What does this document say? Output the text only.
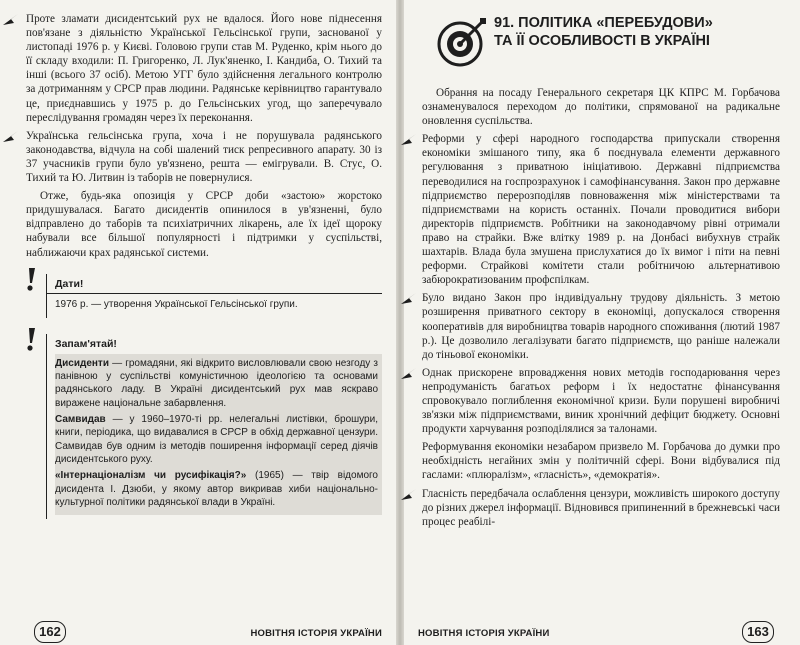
Проте зламати дисидентський рух не вдалося. Його нове піднесення пов'язане з діяльністю Української Гельсінської групи, заснованої у листопаді 1976 р. у Києві. Головою групи став М. Руденко, крім нього до її складу входили: П. Григоренко, Л. Лук'яненко, І. Кандиба, О. Тихий та інші (всього 37 осіб). Метою УГГ було здійснення легального контролю за дотриманням у СРСР прав людини. Радянське керівництво гарантувало це, приєднавшись у 1975 р. до Гельсінських угод, що заперечувало переслідування громадян через їх переконання.

Українська гельсінська група, хоча і не порушувала радянського законодавства, відчула на собі шалений тиск репресивного апарату. 30 із 37 учасників групи було ув'язнено, решта — емігрували. В. Стус, О. Тихий та Ю. Литвин із таборів не повернулися.

Отже, будь-яка опозиція у СРСР доби «застою» жорстоко придушувалася. Багато дисидентів опинилося в ув'язненні, було відправлено до таборів та психіатричних лікарень, але їх ідеї щороку набували все більшої популярності і підтримки у суспільстві, наближаючи крах радянської системи.

Дати!

1976 р. — утворення Української Гельсінської групи.

Запам'ятай!

Дисиденти — громадяни, які відкрито висловлювали свою незгоду з панівною у суспільстві комуністичною ідеологією та основами радянського ладу. В Україні дисидентський рух мав яскраво виражене національне забарвлення.

Самвидав — у 1960–1970-ті рр. нелегальні листівки, брошури, книги, періодика, що видавалися в СРСР в обхід державної цензури. Самвидав був одним із методів поширення інформації серед діячів дисидентського руху.

«Інтернаціоналізм чи русифікація?» (1965) — твір відомого дисидента І. Дзюби, у якому автор викривав хиби національно-культурної політики радянської влади в Україні.

162	НОВІТНЯ ІСТОРІЯ УКРАЇНИ
91. ПОЛІТИКА «ПЕРЕБУДОВИ»
ТА ЇЇ ОСОБЛИВОСТІ В УКРАЇНІ

Обрання на посаду Генерального секретаря ЦК КПРС М. Горбачова ознаменувалося переходом до політики, спрямованої на радикальне оновлення суспільства.

Реформи у сфері народного господарства припускали створення економіки змішаного типу, яка б поєднувала елементи державного регулювання з приватною ініціативою. Державні підприємства переводилися на госпрозрахунок і самофінансування. Закон про державне підприємство перерозподіляв повноваження між міністерствами та підприємствами на користь останніх. Почали проводитися вибори директорів підприємств. Робітники на законодавчому рівні отримали право на страйки. Вже влітку 1989 р. на Донбасі вибухнув страйк шахтарів. Влада була змушена прислухатися до їх вимог і піти на певні реформи. Страйкові комітети стали робітничою альтернативою забюрократизованим профспілкам.

Було видано Закон про індивідуальну трудову діяльність. З метою розширення приватного сектору в економіці, допускалося створення кооперативів для виробництва товарів народного споживання (лютий 1987 р.). Це дозволило легалізувати багато підприємств, що раніше належали до тіньової економіки.

Однак прискорене впровадження нових методів господарювання через непродуманість багатьох реформ і їх недостатнє фінансування спровокувало поглиблення економічної кризи. Були порушені виробничі зв'язки між підприємствами, виник хронічний дефіцит бюджету. Основні продукти харчування розподілялися за талонами.

Реформування економіки незабаром призвело М. Горбачова до думки про необхідність негайних змін у політичній сфері. Вони відбувалися під гаслами: «плюралізм», «гласність», «демократія».

Гласність передбачала ослаблення цензури, можливість широкого доступу до різних джерел інформації. Відновився припиненний в брежневські часи процес реабілі-

НОВІТНЯ ІСТОРІЯ УКРАЇНИ	163
